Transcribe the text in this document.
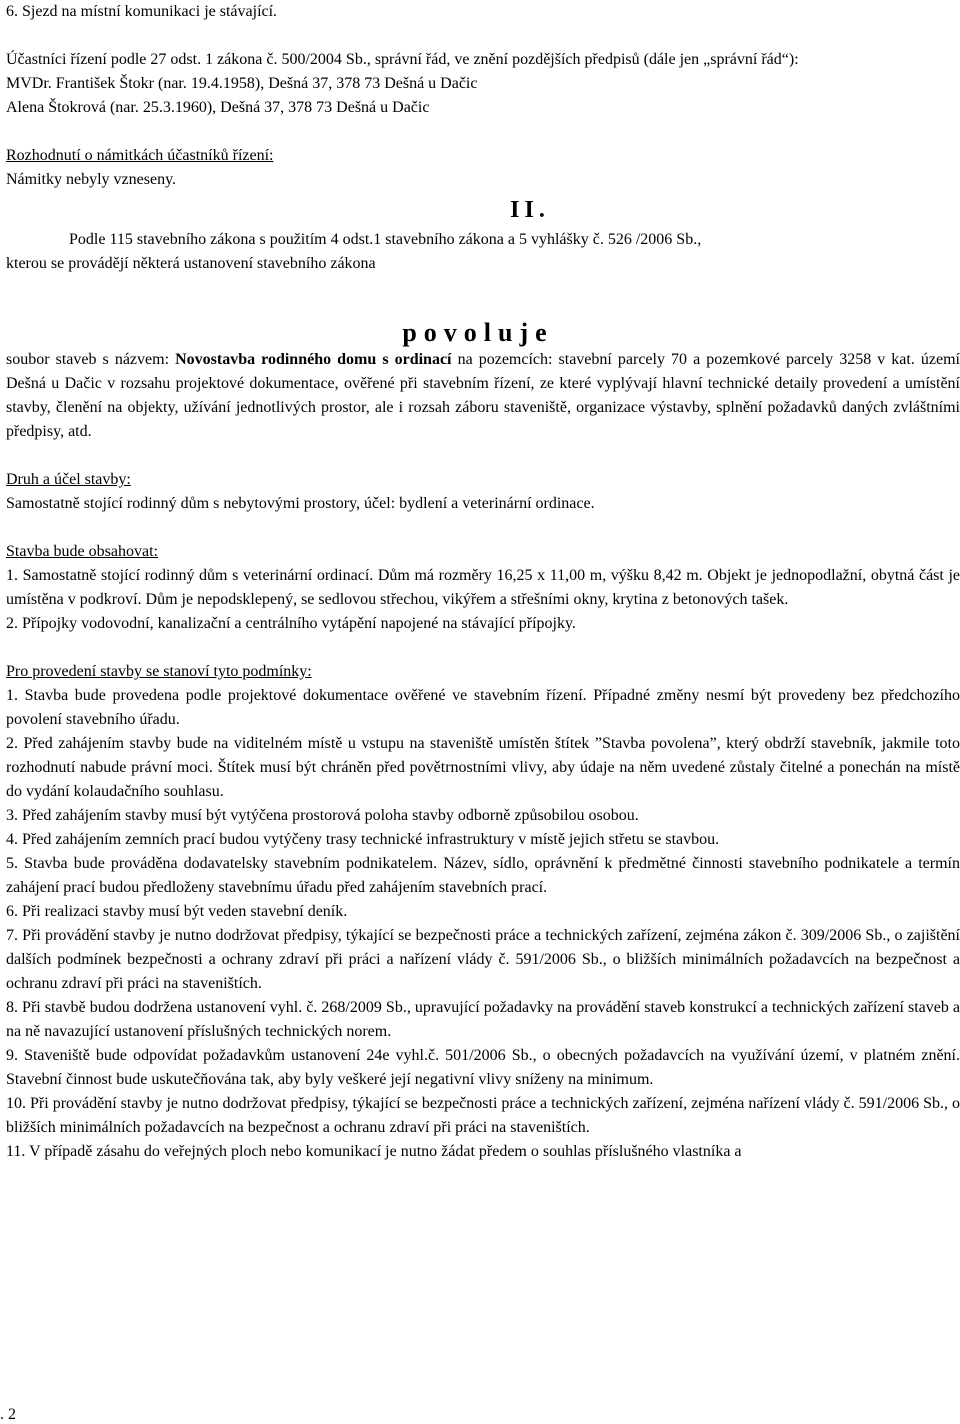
6. Sjezd na místní komunikaci je stávající.

Účastníci řízení podle 27 odst. 1 zákona č. 500/2004 Sb., správní řád, ve znění pozdějších předpisů (dále jen „správní řád“):

MVDr. František Štokr (nar. 19.4.1958), Dešná 37, 378 73 Dešná u Dačic

Alena Štokrová (nar. 25.3.1960), Dešná 37, 378 73 Dešná u Dačic

Rozhodnutí o námitkách účastníků řízení:

Námitky nebyly vzneseny.

II.

Podle 115 stavebního zákona s použitím 4 odst.1 stavebního zákona a 5 vyhlášky č. 526 /2006 Sb.,

kterou se provádějí některá ustanovení stavebního zákona

povoluje

soubor staveb s názvem: Novostavba rodinného domu s ordinací na pozemcích: stavební parcely 70 a pozemkové parcely 3258 v kat. území Dešná u Dačic v rozsahu projektové dokumentace, ověřené při stavebním řízení, ze které vyplývají hlavní technické detaily provedení a umístění stavby, členění na objekty, užívání jednotlivých prostor, ale i rozsah záboru staveniště, organizace výstavby, splnění požadavků daných zvláštními předpisy, atd.

Druh a účel stavby:

Samostatně stojící rodinný dům s nebytovými prostory, účel: bydlení a veterinární ordinace.

Stavba bude obsahovat:

1. Samostatně stojící rodinný dům s veterinární ordinací. Dům má rozměry 16,25 x 11,00 m, výšku 8,42 m. Objekt je jednopodlažní, obytná část je umístěna v podkroví. Dům je nepodsklepený, se sedlovou střechou, vikýřem a střešními okny, krytina z betonových tašek.

2. Přípojky vodovodní, kanalizační a centrálního vytápění napojené na stávající přípojky.

Pro provedení stavby se stanoví tyto podmínky:

1. Stavba bude provedena podle projektové dokumentace ověřené ve stavebním řízení. Případné změny nesmí být provedeny bez předchozího povolení stavebního úřadu.

2. Před zahájením stavby bude na viditelném místě u vstupu na staveniště umístěn štítek ”Stavba povolena”, který obdrží stavebník, jakmile toto rozhodnutí nabude právní moci. Štítek musí být chráněn před povětrnostními vlivy, aby údaje na něm uvedené zůstaly čitelné a ponechán na místě do vydání kolaudačního souhlasu.

3. Před zahájením stavby musí být vytýčena prostorová poloha stavby odborně způsobilou osobou.

4. Před zahájením zemních prací budou vytýčeny trasy technické infrastruktury v místě jejich střetu se stavbou.

5. Stavba bude prováděna dodavatelsky stavebním podnikatelem. Název, sídlo, oprávnění k předmětné činnosti stavebního podnikatele a termín zahájení prací budou předloženy stavebnímu úřadu před zahájením stavebních prací.

6. Při realizaci stavby musí být veden stavební deník.

7. Při provádění stavby je nutno dodržovat předpisy, týkající se bezpečnosti práce a technických zařízení, zejména zákon č. 309/2006 Sb., o zajištění dalších podmínek bezpečnosti a ochrany zdraví při práci a nařízení vlády č. 591/2006 Sb., o bližších minimálních požadavcích na bezpečnost a ochranu zdraví při práci na staveništích.

8. Při stavbě budou dodržena ustanovení vyhl. č. 268/2009 Sb., upravující požadavky na provádění staveb konstrukcí a technických zařízení staveb a na ně navazující ustanovení příslušných technických norem.

9. Staveniště bude odpovídat požadavkům ustanovení 24e vyhl.č. 501/2006 Sb., o obecných požadavcích na využívání území, v platném znění. Stavební činnost bude uskutečňována tak, aby byly veškeré její negativní vlivy sníženy na minimum.

10. Při provádění stavby je nutno dodržovat předpisy, týkající se bezpečnosti práce a technických zařízení, zejména nařízení vlády č. 591/2006 Sb., o bližších minimálních požadavcích na bezpečnost a ochranu zdraví při práci na staveništích.

11. V případě zásahu do veřejných ploch nebo komunikací je nutno žádat předem o souhlas příslušného vlastníka a

. 2
